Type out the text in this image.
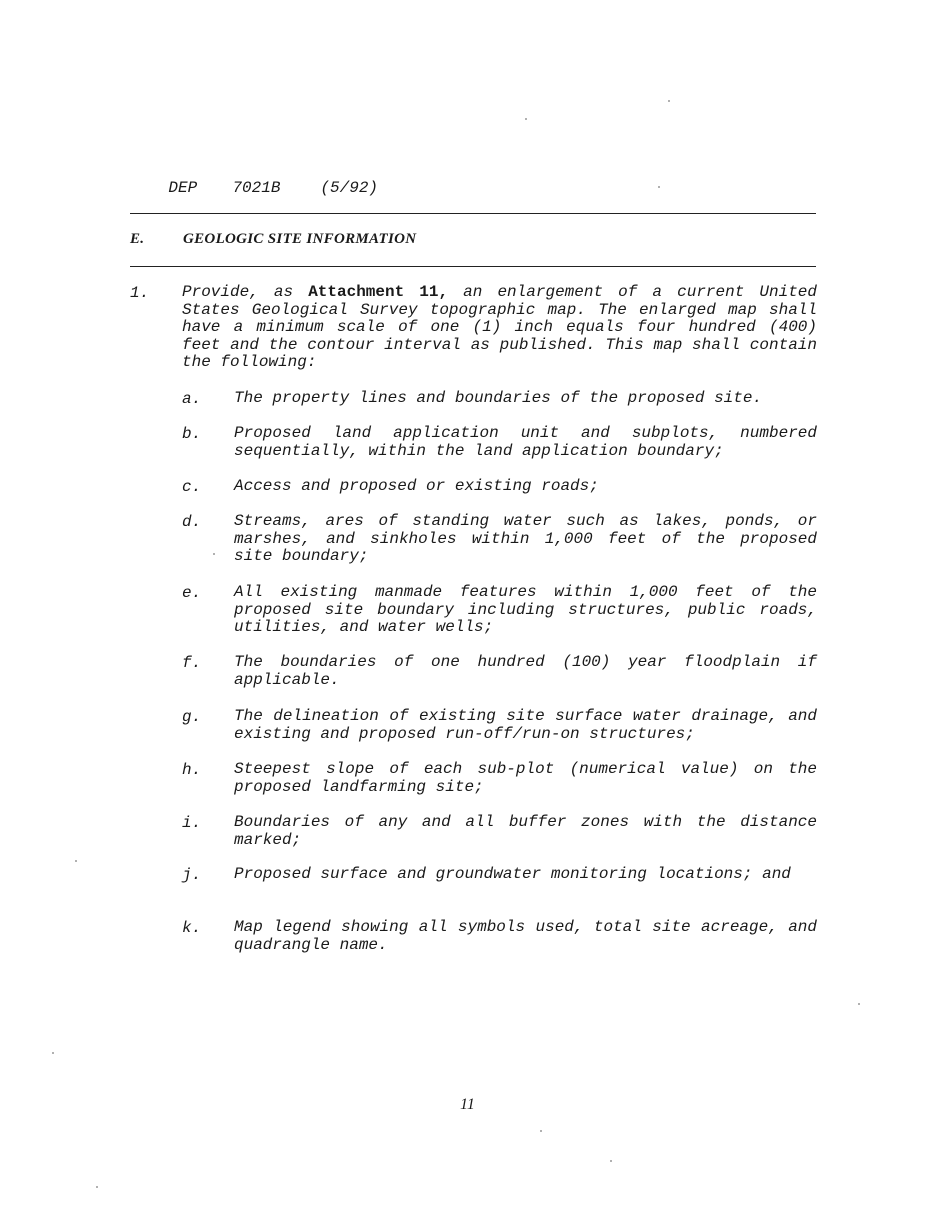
DEP 7021B (5/92)

E.	GEOLOGIC SITE INFORMATION
1. Provide, as Attachment 11, an enlargement of a current United States Geological Survey topographic map. The enlarged map shall have a minimum scale of one (1) inch equals four hundred (400) feet and the contour interval as published. This map shall contain the following:
a. The property lines and boundaries of the proposed site.
b. Proposed land application unit and subplots, numbered sequentially, within the land application boundary;
c. Access and proposed or existing roads;
d. Streams, ares of standing water such as lakes, ponds, or marshes, and sinkholes within 1,000 feet of the proposed site boundary;
e. All existing manmade features within 1,000 feet of the proposed site boundary including structures, public roads, utilities, and water wells;
f. The boundaries of one hundred (100) year floodplain if applicable.
g. The delineation of existing site surface water drainage, and existing and proposed run-off/run-on structures;
h. Steepest slope of each sub-plot (numerical value) on the proposed landfarming site;
i. Boundaries of any and all buffer zones with the distance marked;
j. Proposed surface and groundwater monitoring locations; and
k. Map legend showing all symbols used, total site acreage, and quadrangle name.
11
